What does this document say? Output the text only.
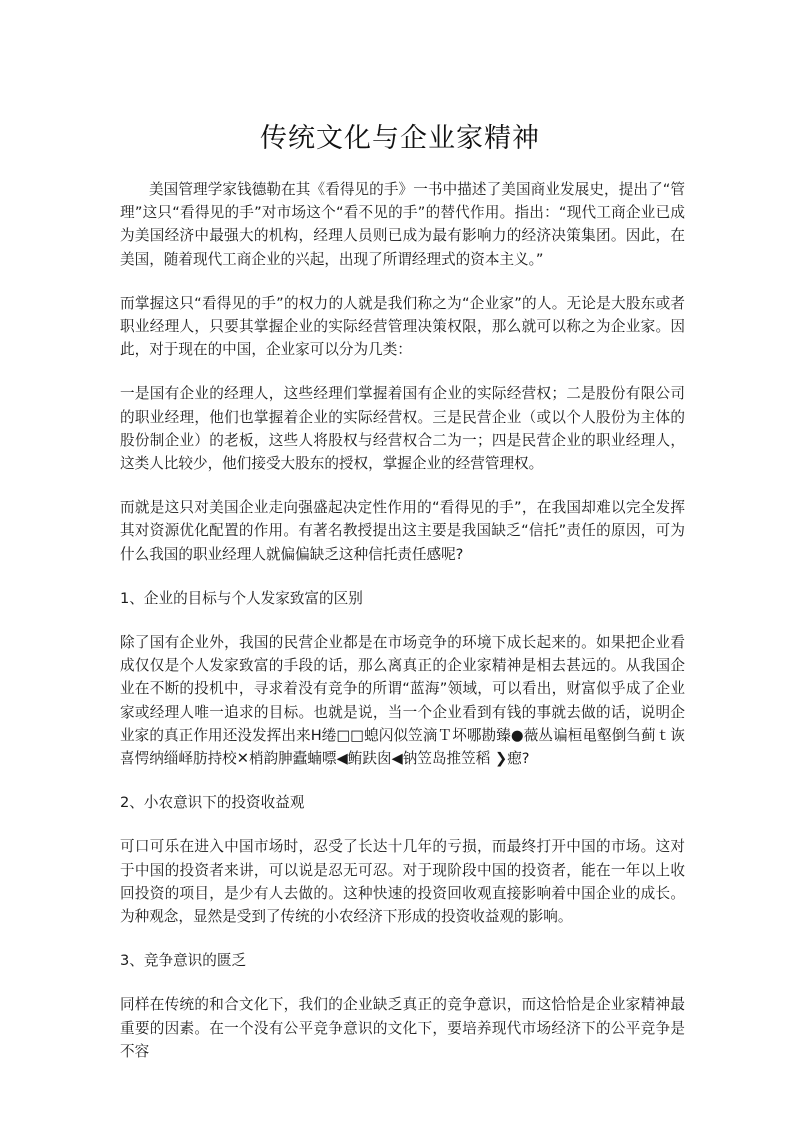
传统文化与企业家精神

美国管理学家钱德勒在其《看得见的手》一书中描述了美国商业发展史，提出了“管理”这只“看得见的手”对市场这个“看不见的手”的替代作用。指出：“现代工商企业已成为美国经济中最强大的机构，经理人员则已成为最有影响力的经济决策集团。因此，在美国，随着现代工商企业的兴起，出现了所谓经理式的资本主义。”

而掌握这只“看得见的手”的权力的人就是我们称之为“企业家”的人。无论是大股东或者职业经理人，只要其掌握企业的实际经营管理决策权限，那么就可以称之为企业家。因此，对于现在的中国，企业家可以分为几类：

一是国有企业的经理人，这些经理们掌握着国有企业的实际经营权；二是股份有限公司的职业经理，他们也掌握着企业的实际经营权。三是民营企业（或以个人股份为主体的股份制企业）的老板，这些人将股权与经营权合二为一；四是民营企业的职业经理人，这类人比较少，他们接受大股东的授权，掌握企业的经营管理权。

而就是这只对美国企业走向强盛起决定性作用的“看得见的手”，在我国却难以完全发挥其对资源优化配置的作用。有著名教授提出这主要是我国缺乏“信托”责任的原因，可为什么我国的职业经理人就偏偏缺乏这种信托责任感呢?

1、企业的目标与个人发家致富的区别

除了国有企业外，我国的民营企业都是在市场竞争的环境下成长起来的。如果把企业看成仅仅是个人发家致富的手段的话，那么离真正的企业家精神是相去甚远的。从我国企业在不断的投机中，寻求着没有竞争的所谓“蓝海”领域，可以看出，财富似乎成了企业家或经理人唯一追求的目标。也就是说，当一个企业看到有钱的事就去做的话，说明企业家的真正作用还没发挥出来H绻□□螅闪似笠滴Ｔ坏哪勘臻●薇丛谝桓黾壑倒刍蓟ｔ诙喜愕纳缁峄肪持校✕梢韵胂蠹蝻嘌◀鲔趺囱◀钠笠岛推笠稻 ❯瘛?

2、小农意识下的投资收益观

可口可乐在进入中国市场时，忍受了长达十几年的亏损，而最终打开中国的市场。这对于中国的投资者来讲，可以说是忍无可忍。对于现阶段中国的投资者，能在一年以上收回投资的项目，是少有人去做的。这种快速的投资回收观直接影响着中国企业的成长。为种观念，显然是受到了传统的小农经济下形成的投资收益观的影响。

3、竞争意识的匮乏

同样在传统的和合文化下，我们的企业缺乏真正的竞争意识，而这恰恰是企业家精神最重要的因素。在一个没有公平竞争意识的文化下，要培养现代市场经济下的公平竞争是不容
